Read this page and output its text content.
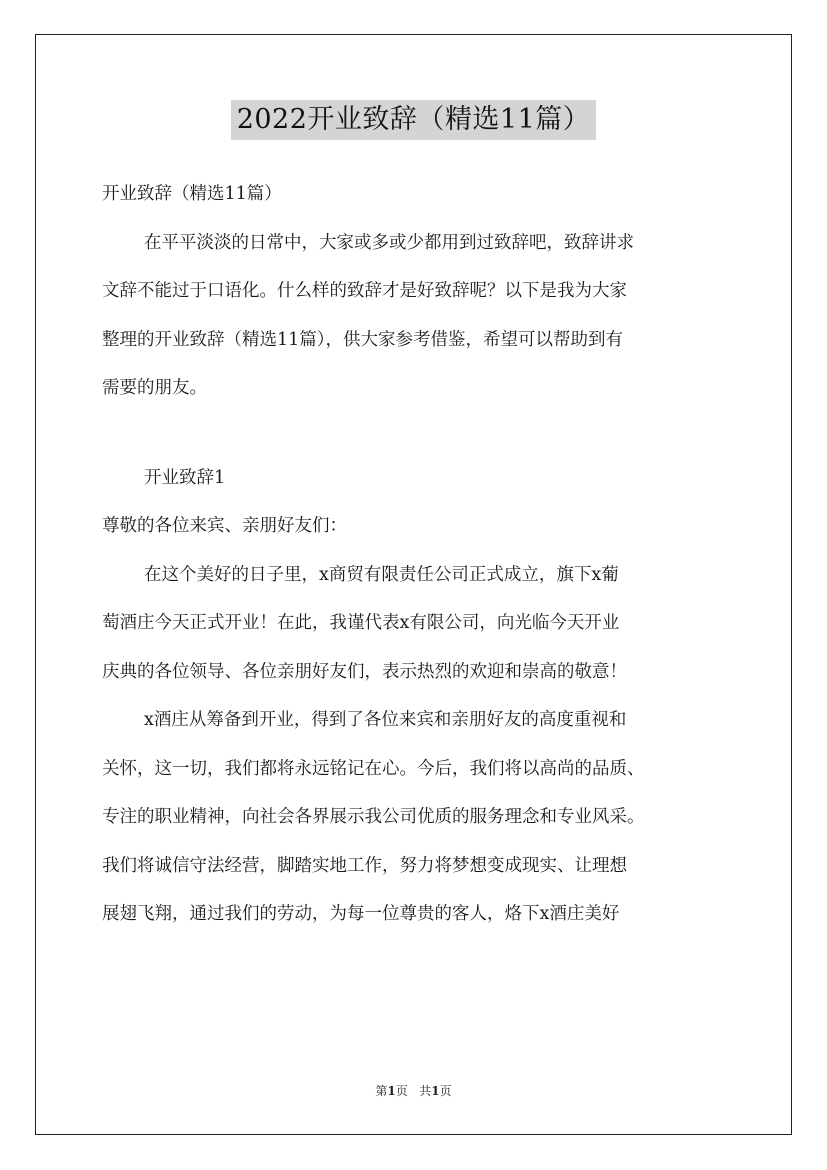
2022开业致辞（精选11篇）
开业致辞（精选11篇）
在平平淡淡的日常中，大家或多或少都用到过致辞吧，致辞讲求
文辞不能过于口语化。什么样的致辞才是好致辞呢？以下是我为大家
整理的开业致辞（精选11篇），供大家参考借鉴，希望可以帮助到有
需要的朋友。
开业致辞1
尊敬的各位来宾、亲朋好友们：
在这个美好的日子里，x商贸有限责任公司正式成立，旗下x葡
萄酒庄今天正式开业！在此，我谨代表x有限公司，向光临今天开业
庆典的各位领导、各位亲朋好友们，表示热烈的欢迎和崇高的敬意！
x酒庄从筹备到开业，得到了各位来宾和亲朋好友的高度重视和
关怀，这一切，我们都将永远铭记在心。今后，我们将以高尚的品质、
专注的职业精神，向社会各界展示我公司优质的服务理念和专业风采。
我们将诚信守法经营，脚踏实地工作，努力将梦想变成现实、让理想
展翅飞翔，通过我们的劳动，为每一位尊贵的客人，烙下x酒庄美好
第1页 共1页
